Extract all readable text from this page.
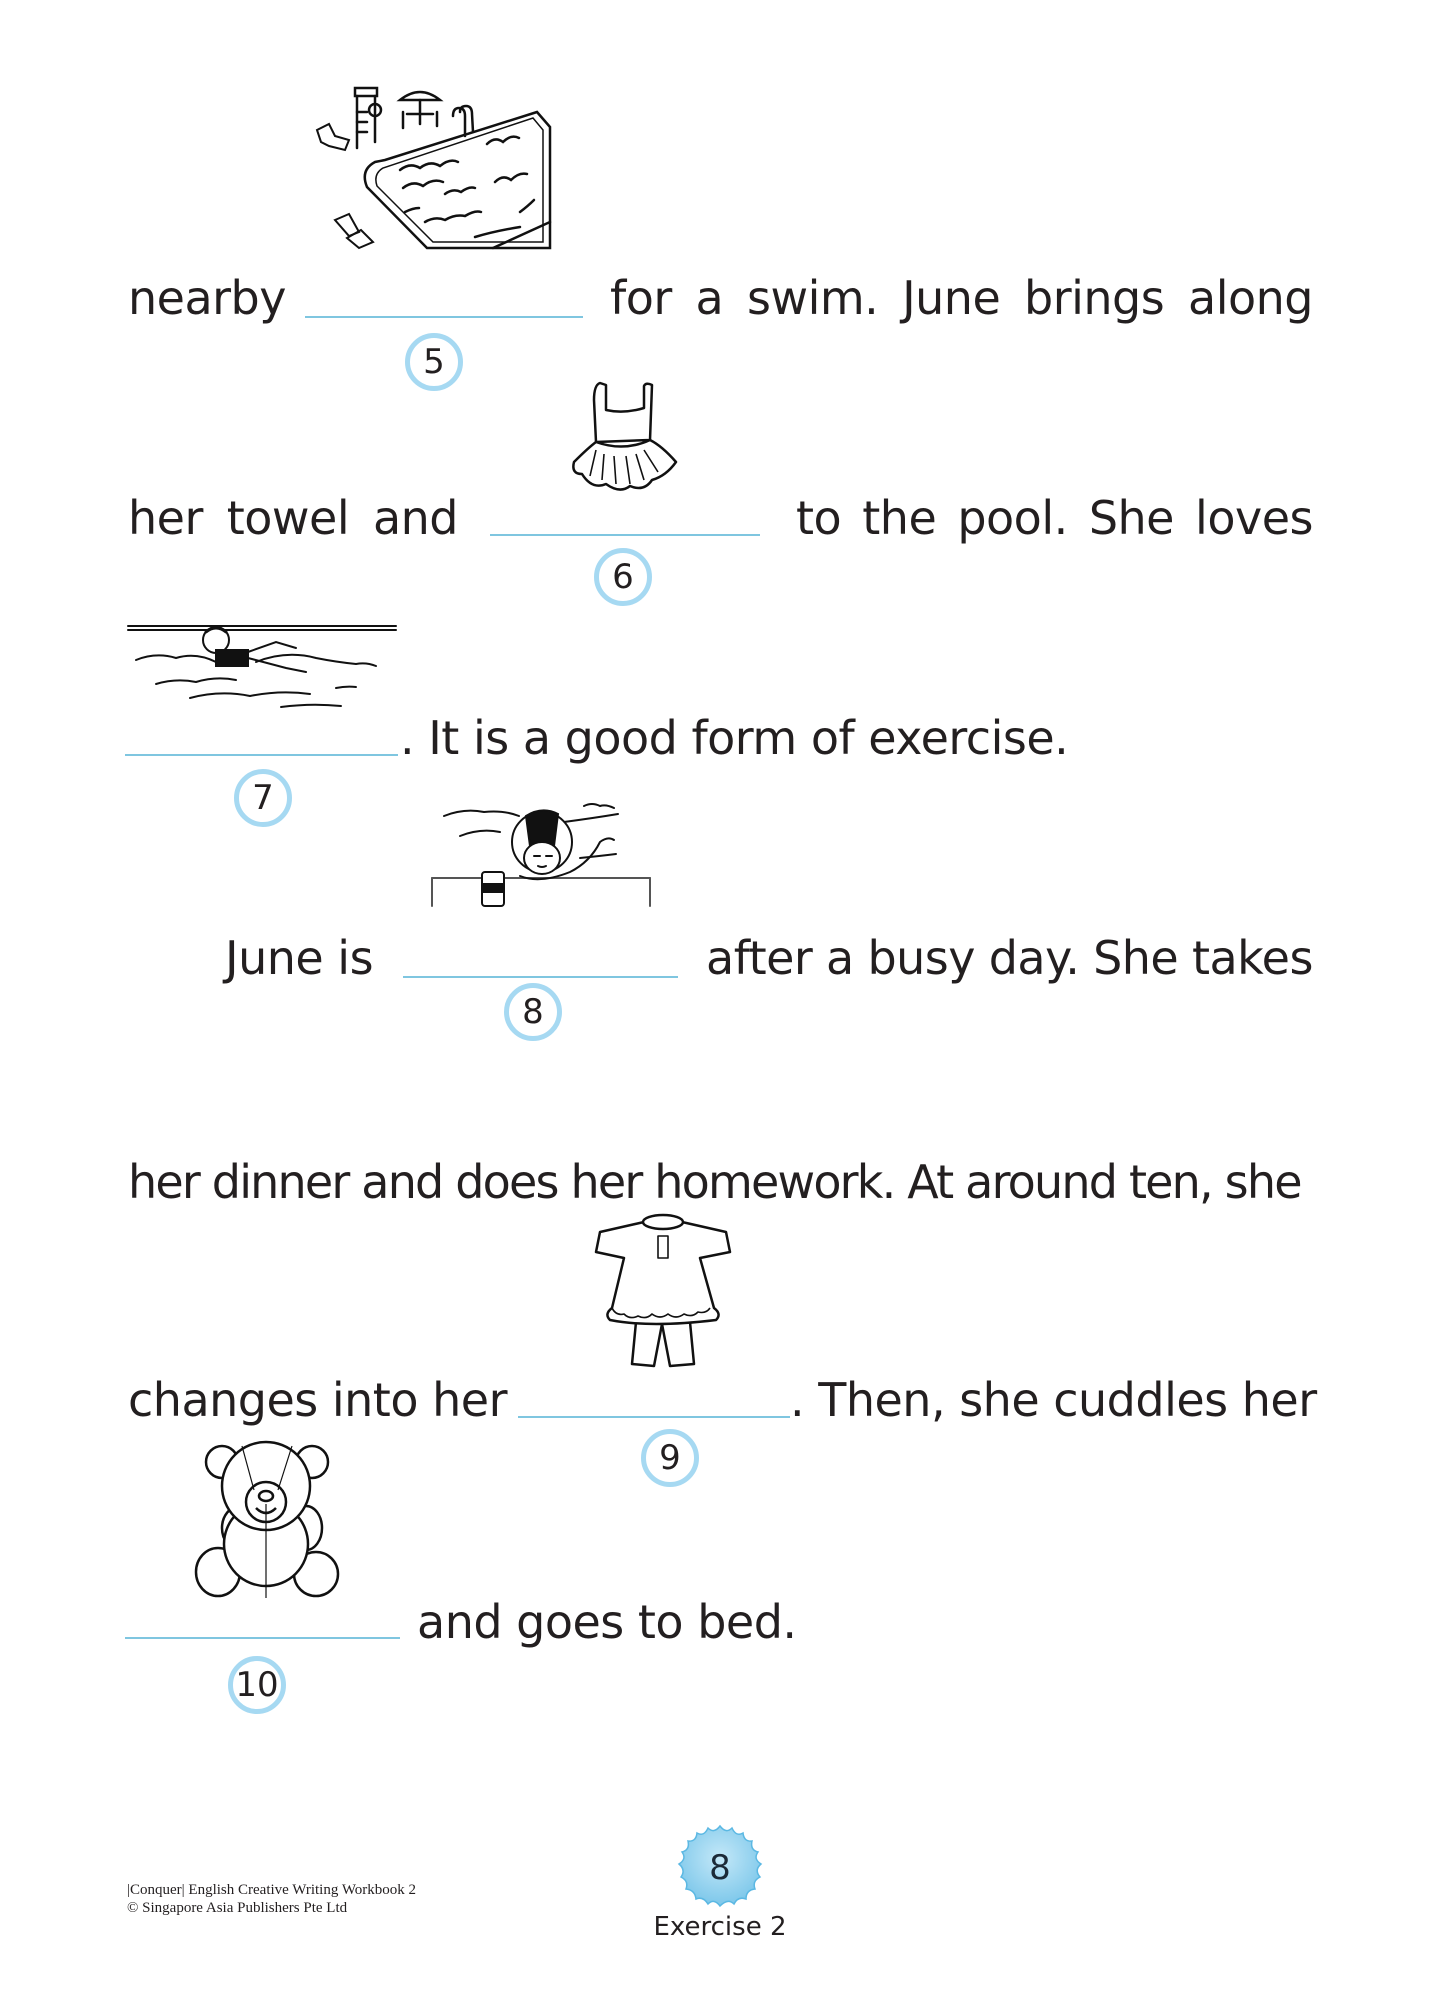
nearby	for a swim. June brings along
5
her towel and	to the pool. She loves
6
. It is a good form of exercise.
7
June is	after a busy day. She takes
8
her dinner and does her homework. At around ten, she
changes into her	. Then, she cuddles her
9
and goes to bed.
10
|Conquer| English Creative Writing Workbook 2
© Singapore Asia Publishers Pte Ltd
8
Exercise 2
